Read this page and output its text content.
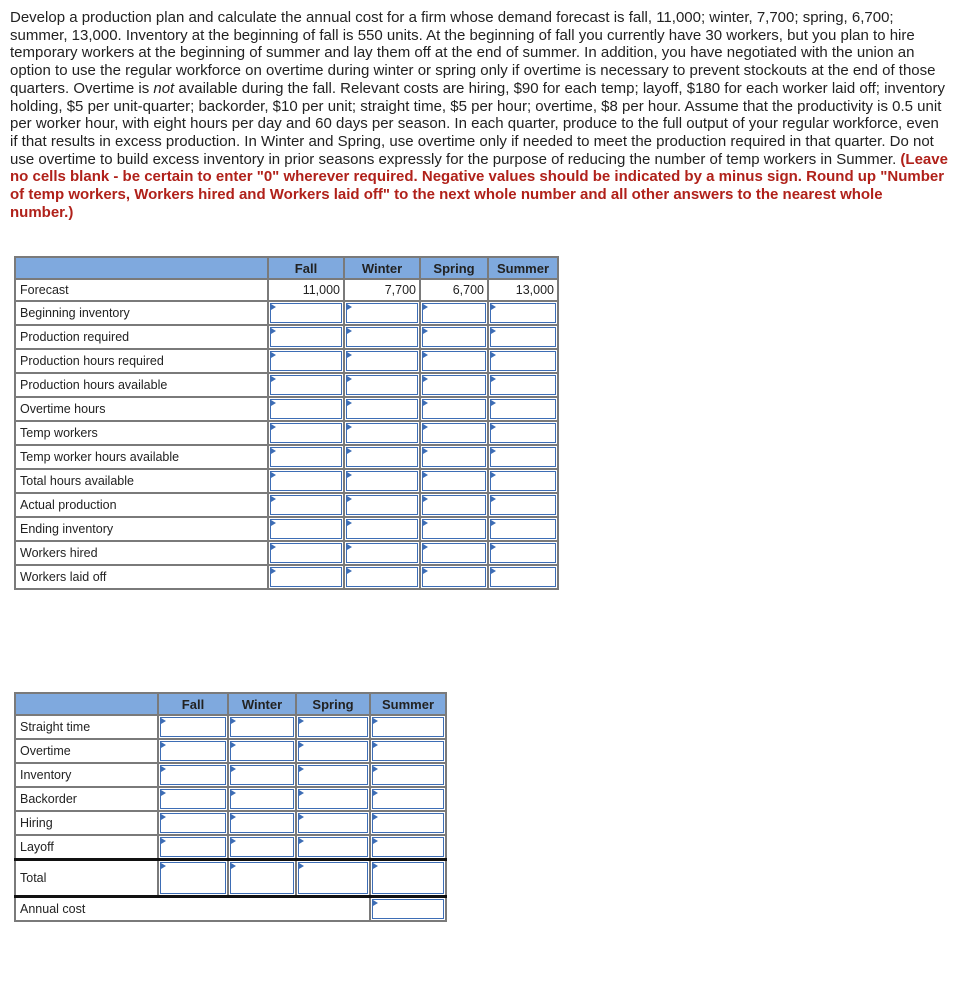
Develop a production plan and calculate the annual cost for a firm whose demand forecast is fall, 11,000; winter, 7,700; spring, 6,700; summer, 13,000. Inventory at the beginning of fall is 550 units. At the beginning of fall you currently have 30 workers, but you plan to hire temporary workers at the beginning of summer and lay them off at the end of summer. In addition, you have negotiated with the union an option to use the regular workforce on overtime during winter or spring only if overtime is necessary to prevent stockouts at the end of those quarters. Overtime is not available during the fall. Relevant costs are hiring, $90 for each temp; layoff, $180 for each worker laid off; inventory holding, $5 per unit-quarter; backorder, $10 per unit; straight time, $5 per hour; overtime, $8 per hour. Assume that the productivity is 0.5 unit per worker hour, with eight hours per day and 60 days per season. In each quarter, produce to the full output of your regular workforce, even if that results in excess production. In Winter and Spring, use overtime only if needed to meet the production required in that quarter. Do not use overtime to build excess inventory in prior seasons expressly for the purpose of reducing the number of temp workers in Summer. (Leave no cells blank - be certain to enter "0" wherever required. Negative values should be indicated by a minus sign. Round up "Number of temp workers, Workers hired and Workers laid off" to the next whole number and all other answers to the nearest whole number.)
	Fall	Winter	Spring	Summer
Forecast	11,000	7,700	6,700	13,000
Beginning inventory	

Production required	

Production hours required	

Production hours available	

Overtime hours	

Temp workers	

Temp worker hours available	

Total hours available	

Actual production	

Ending inventory	

Workers hired	

Workers laid off	

	Fall	Winter	Spring	Summer
Straight time	

Overtime	

Inventory	

Backorder	

Hiring	

Layoff	

Total	

Annual cost				
